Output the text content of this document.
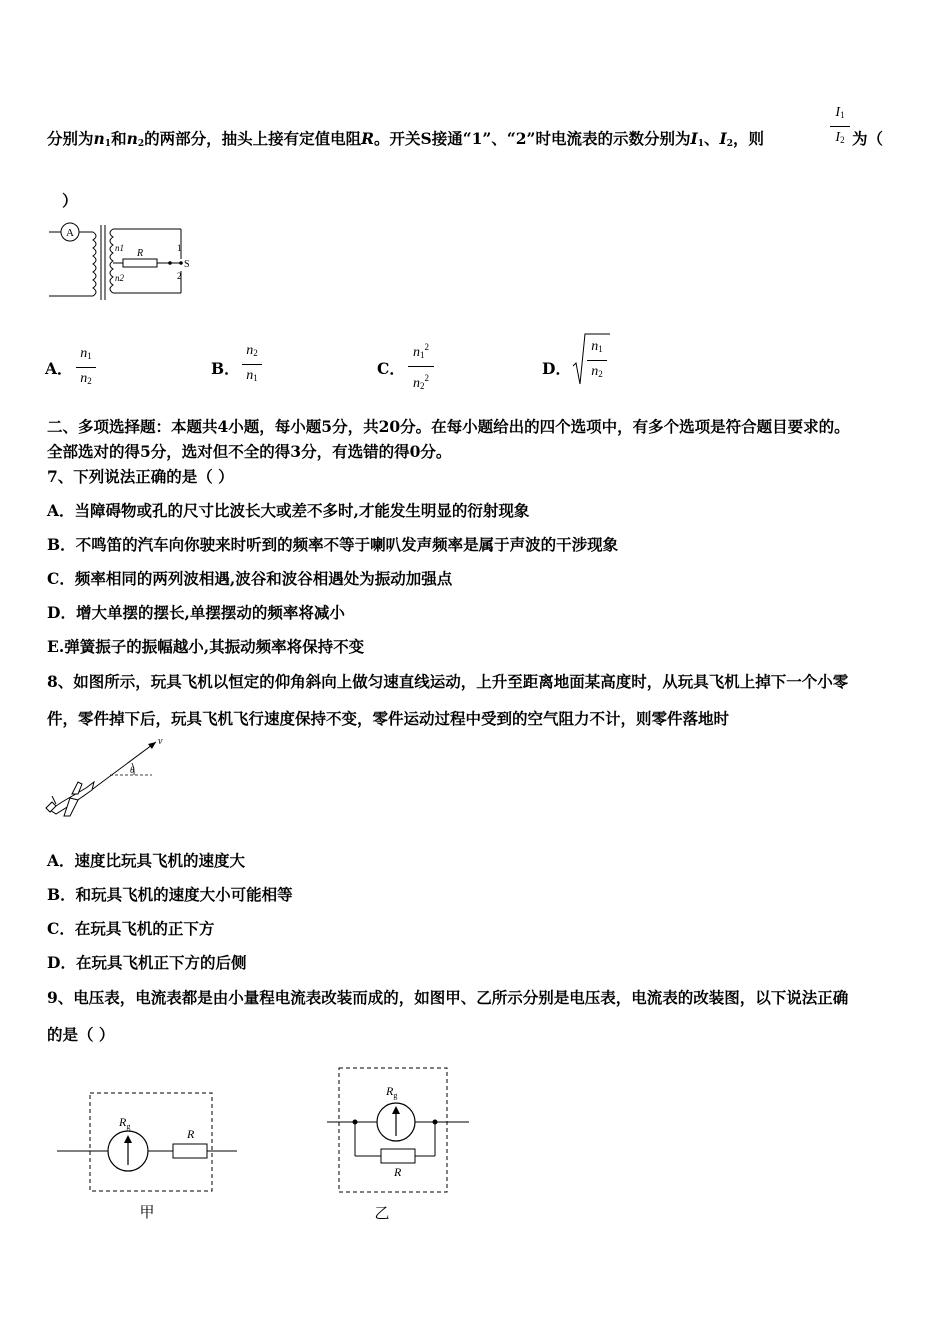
分别为$n_1$和$n_2$的两部分，抽头上接有定值电阻R。开关S接通“1”、“2”时电流表的示数分别为$I_1$、$I_2$，则
$I_1$
$I_2$ 为（
）
A
n1 R
n2
1
2
S
A．
$n_1$
$n_2$
B．
$n_2$
$n_1$	C．
$n_1^2$
$n_2^2$	D．
$n_1$
$n_2$
二、多项选择题：本题共4小题，每小题5分，共20分。在每小题给出的四个选项中，有多个选项是符合题目要求的。
全部选对的得5分，选对但不全的得3分，有选错的得0分。
7、下列说法正确的是（ ）
A．当障碍物或孔的尺寸比波长大或差不多时,才能发生明显的衍射现象
B．不鸣笛的汽车向你驶来时听到的频率不等于喇叭发声频率是属于声波的干涉现象
C．频率相同的两列波相遇,波谷和波谷相遇处为振动加强点
D．增大单摆的摆长,单摆摆动的频率将减小
E.弹簧振子的振幅越小,其振动频率将保持不变
8、如图所示，玩具飞机以恒定的仰角斜向上做匀速直线运动，上升至距离地面某高度时，从玩具飞机上掉下一个小零
件，零件掉下后，玩具飞机飞行速度保持不变，零件运动过程中受到的空气阻力不计，则零件落地时
v
θ
A．速度比玩具飞机的速度大
B．和玩具飞机的速度大小可能相等
C．在玩具飞机的正下方
D．在玩具飞机正下方的后侧
9、电压表，电流表都是由小量程电流表改装而成的，如图甲、乙所示分别是电压表，电流表的改装图，以下说法正确
的是（ ）
$R_g$
R
甲
$R_g$
R
乙
